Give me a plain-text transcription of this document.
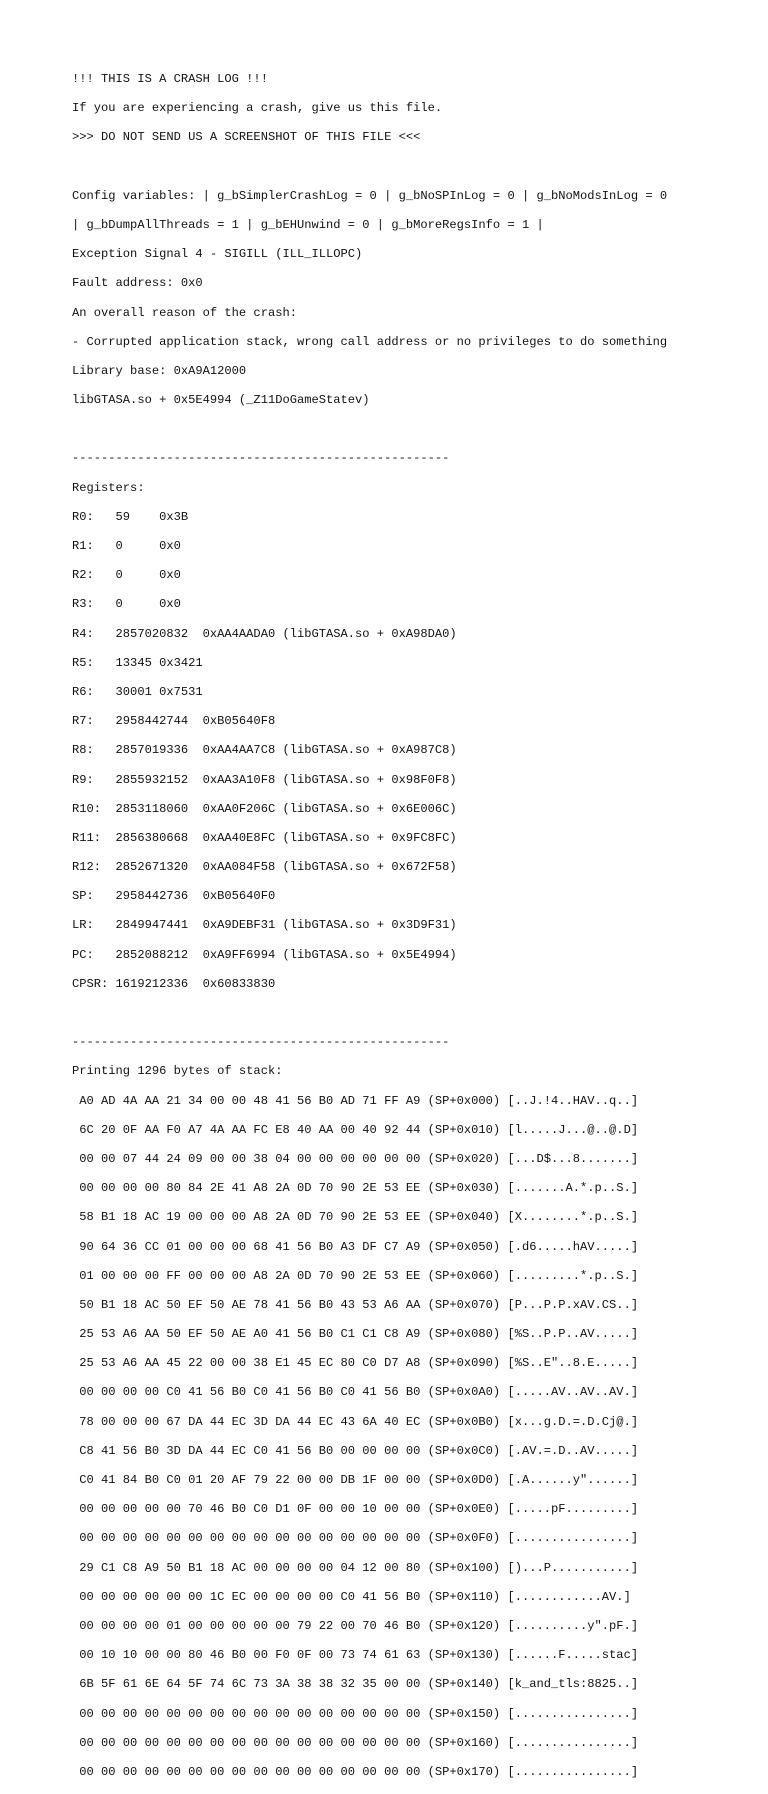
!!! THIS IS A CRASH LOG !!!

If you are experiencing a crash, give us this file.

>>> DO NOT SEND US A SCREENSHOT OF THIS FILE <<<

Config variables: | g_bSimplerCrashLog = 0 | g_bNoSPInLog = 0 | g_bNoModsInLog = 0

| g_bDumpAllThreads = 1 | g_bEHUnwind = 0 | g_bMoreRegsInfo = 1 |

Exception Signal 4 - SIGILL (ILL_ILLOPC)

Fault address: 0x0

An overall reason of the crash:

- Corrupted application stack, wrong call address or no privileges to do something

Library base: 0xA9A12000

libGTASA.so + 0x5E4994 (_Z11DoGameStatev)

----------------------------------------------------

Registers:

R0:   59    0x3B

R1:   0     0x0

R2:   0     0x0

R3:   0     0x0

R4:   2857020832  0xAA4AADA0 (libGTASA.so + 0xA98DA0)

R5:   13345 0x3421

R6:   30001 0x7531

R7:   2958442744  0xB05640F8

R8:   2857019336  0xAA4AA7C8 (libGTASA.so + 0xA987C8)

R9:   2855932152  0xAA3A10F8 (libGTASA.so + 0x98F0F8)

R10:  2853118060  0xAA0F206C (libGTASA.so + 0x6E006C)

R11:  2856380668  0xAA40E8FC (libGTASA.so + 0x9FC8FC)

R12:  2852671320  0xAA084F58 (libGTASA.so + 0x672F58)

SP:   2958442736  0xB05640F0

LR:   2849947441  0xA9DEBF31 (libGTASA.so + 0x3D9F31)

PC:   2852088212  0xA9FF6994 (libGTASA.so + 0x5E4994)

CPSR: 1619212336  0x60833830

----------------------------------------------------

Printing 1296 bytes of stack:

A0 AD 4A AA 21 34 00 00 48 41 56 B0 AD 71 FF A9 (SP+0x000) [..J.!4..HAV..q..]

6C 20 0F AA F0 A7 4A AA FC E8 40 AA 00 40 92 44 (SP+0x010) [l.....J...@..@.D]

00 00 07 44 24 09 00 00 38 04 00 00 00 00 00 00 (SP+0x020) [...D$...8.......]

00 00 00 00 80 84 2E 41 A8 2A 0D 70 90 2E 53 EE (SP+0x030) [.......A.*.p..S.]

58 B1 18 AC 19 00 00 00 A8 2A 0D 70 90 2E 53 EE (SP+0x040) [X........*.p..S.]

90 64 36 CC 01 00 00 00 68 41 56 B0 A3 DF C7 A9 (SP+0x050) [.d6.....hAV.....]

01 00 00 00 FF 00 00 00 A8 2A 0D 70 90 2E 53 EE (SP+0x060) [.........*.p..S.]

50 B1 18 AC 50 EF 50 AE 78 41 56 B0 43 53 A6 AA (SP+0x070) [P...P.P.xAV.CS..]

25 53 A6 AA 50 EF 50 AE A0 41 56 B0 C1 C1 C8 A9 (SP+0x080) [%S..P.P..AV.....]

25 53 A6 AA 45 22 00 00 38 E1 45 EC 80 C0 D7 A8 (SP+0x090) [%S..E"..8.E.....]

00 00 00 00 C0 41 56 B0 C0 41 56 B0 C0 41 56 B0 (SP+0x0A0) [.....AV..AV..AV.]

78 00 00 00 67 DA 44 EC 3D DA 44 EC 43 6A 40 EC (SP+0x0B0) [x...g.D.=.D.Cj@.]

C8 41 56 B0 3D DA 44 EC C0 41 56 B0 00 00 00 00 (SP+0x0C0) [.AV.=.D..AV.....]

C0 41 84 B0 C0 01 20 AF 79 22 00 00 DB 1F 00 00 (SP+0x0D0) [.A......y"......]

00 00 00 00 00 70 46 B0 C0 D1 0F 00 00 10 00 00 (SP+0x0E0) [.....pF.........]

00 00 00 00 00 00 00 00 00 00 00 00 00 00 00 00 (SP+0x0F0) [................]

29 C1 C8 A9 50 B1 18 AC 00 00 00 00 04 12 00 80 (SP+0x100) [)...P...........]

00 00 00 00 00 00 1C EC 00 00 00 00 C0 41 56 B0 (SP+0x110) [............AV.]

00 00 00 00 01 00 00 00 00 00 79 22 00 70 46 B0 (SP+0x120) [..........y".pF.]

00 10 10 00 00 80 46 B0 00 F0 0F 00 73 74 61 63 (SP+0x130) [......F.....stac]

6B 5F 61 6E 64 5F 74 6C 73 3A 38 38 32 35 00 00 (SP+0x140) [k_and_tls:8825..]

00 00 00 00 00 00 00 00 00 00 00 00 00 00 00 00 (SP+0x150) [................]

00 00 00 00 00 00 00 00 00 00 00 00 00 00 00 00 (SP+0x160) [................]

00 00 00 00 00 00 00 00 00 00 00 00 00 00 00 00 (SP+0x170) [................]
